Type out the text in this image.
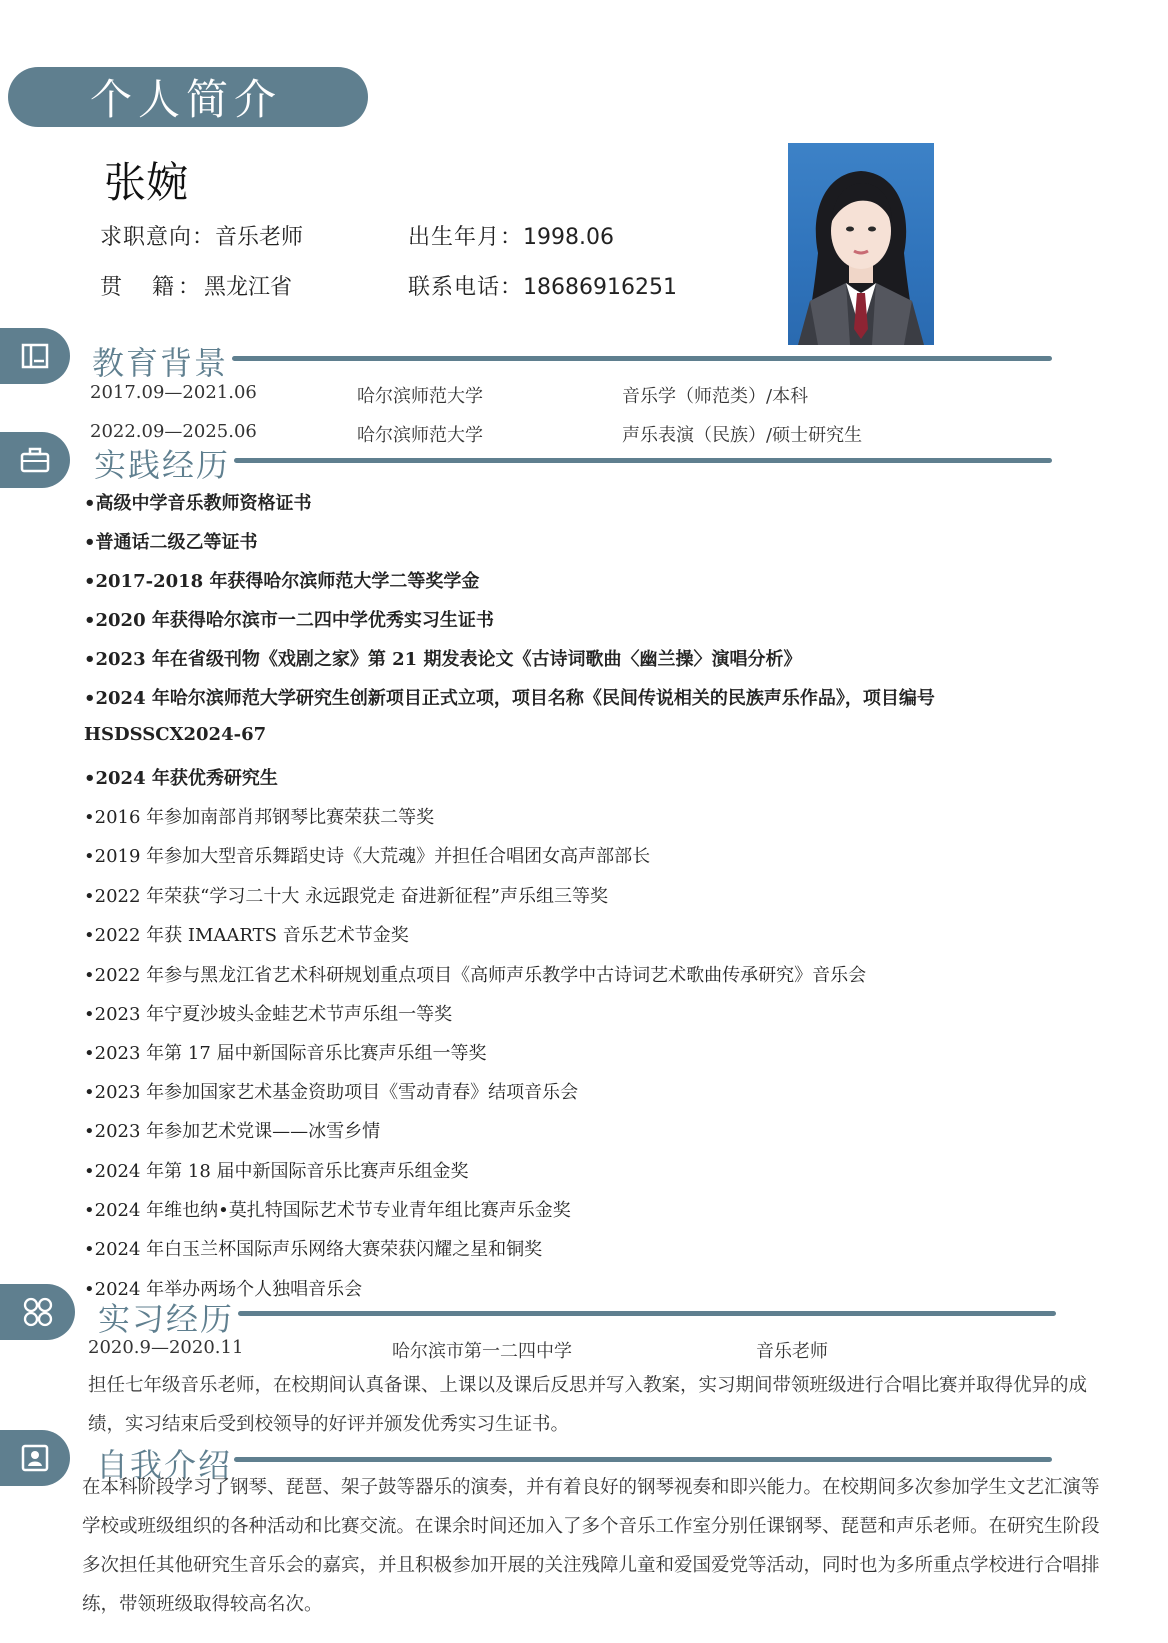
个人简介
张婉
求职意向：音乐老师	出生年月：1998.06
贯　籍：黑龙江省	联系电话：18686916251
教育背景
2017.09—2021.06	哈尔滨师范大学	音乐学（师范类）/本科
2022.09—2025.06	哈尔滨师范大学	声乐表演（民族）/硕士研究生
实践经历
•高级中学音乐教师资格证书
•普通话二级乙等证书
•2017-2018 年获得哈尔滨师范大学二等奖学金
•2020 年获得哈尔滨市一二四中学优秀实习生证书
•2023 年在省级刊物《戏剧之家》第 21 期发表论文《古诗词歌曲〈幽兰操〉演唱分析》
•2024 年哈尔滨师范大学研究生创新项目正式立项，项目名称《民间传说相关的民族声乐作品》，项目编号
HSDSSCX2024-67
•2024 年获优秀研究生
•2016 年参加南部肖邦钢琴比赛荣获二等奖
•2019 年参加大型音乐舞蹈史诗《大荒魂》并担任合唱团女高声部部长
•2022 年荣获“学习二十大 永远跟党走 奋进新征程”声乐组三等奖
•2022 年获 IMAARTS 音乐艺术节金奖
•2022 年参与黑龙江省艺术科研规划重点项目《高师声乐教学中古诗词艺术歌曲传承研究》音乐会
•2023 年宁夏沙坡头金蛙艺术节声乐组一等奖
•2023 年第 17 届中新国际音乐比赛声乐组一等奖
•2023 年参加国家艺术基金资助项目《雪动青春》结项音乐会
•2023 年参加艺术党课——冰雪乡情
•2024 年第 18 届中新国际音乐比赛声乐组金奖
•2024 年维也纳•莫扎特国际艺术节专业青年组比赛声乐金奖
•2024 年白玉兰杯国际声乐网络大赛荣获闪耀之星和铜奖
•2024 年举办两场个人独唱音乐会
实习经历
2020.9—2020.11	哈尔滨市第一二四中学	音乐老师
担任七年级音乐老师，在校期间认真备课、上课以及课后反思并写入教案，实习期间带领班级进行合唱比赛并取得优异的成绩，实习结束后受到校领导的好评并颁发优秀实习生证书。
自我介绍
在本科阶段学习了钢琴、琵琶、架子鼓等器乐的演奏，并有着良好的钢琴视奏和即兴能力。在校期间多次参加学生文艺汇演等学校或班级组织的各种活动和比赛交流。在课余时间还加入了多个音乐工作室分别任课钢琴、琵琶和声乐老师。在研究生阶段多次担任其他研究生音乐会的嘉宾，并且积极参加开展的关注残障儿童和爱国爱党等活动，同时也为多所重点学校进行合唱排练，带领班级取得较高名次。
